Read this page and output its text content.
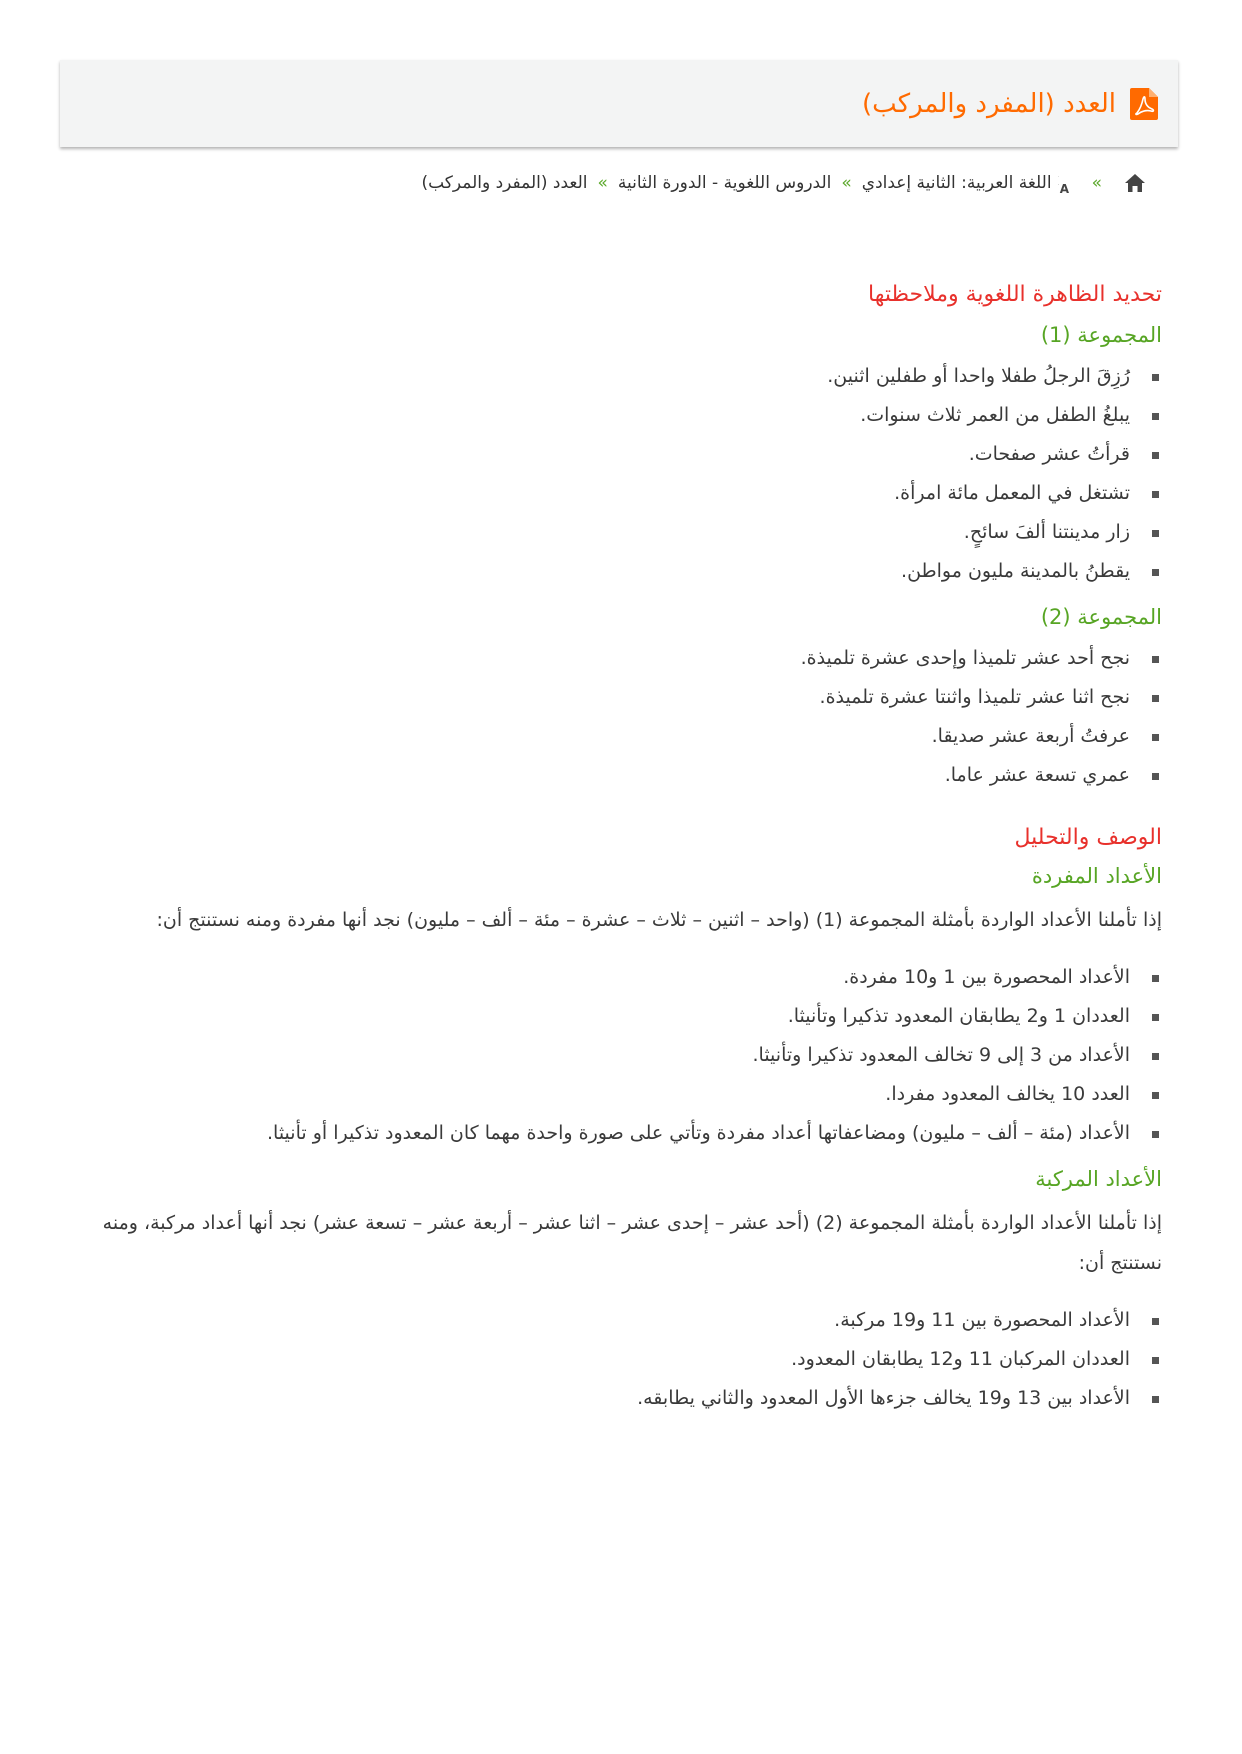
العدد (المفرد والمركب)
»
A
اللغة العربية: الثانية إعدادي
»
الدروس اللغوية - الدورة الثانية
»
العدد (المفرد والمركب)
تحديد الظاهرة اللغوية وملاحظتها
المجموعة (1)
رُزِقَ الرجلُ طفلا واحدا أو طفلين اثنين.
يبلغُ الطفل من العمر ثلاث سنوات.
قرأتُ عشر صفحات.
تشتغل في المعمل مائة امرأة.
زار مدينتنا ألفَ سائحٍ.
يقطنُ بالمدينة مليون مواطن.
المجموعة (2)
نجح أحد عشر تلميذا وإحدى عشرة تلميذة.
نجح اثنا عشر تلميذا واثنتا عشرة تلميذة.
عرفتُ أربعة عشر صديقا.
عمري تسعة عشر عاما.
الوصف والتحليل
الأعداد المفردة

إذا تأملنا الأعداد الواردة بأمثلة المجموعة (1) (واحد – اثنين – ثلاث – عشرة – مئة – ألف – مليون) نجد أنها مفردة ومنه نستنتج أن:

الأعداد المحصورة بين 1 و10 مفردة.
العددان 1 و2 يطابقان المعدود تذكيرا وتأنيثا.
الأعداد من 3 إلى 9 تخالف المعدود تذكيرا وتأنيثا.
العدد 10 يخالف المعدود مفردا.
الأعداد (مئة – ألف – مليون) ومضاعفاتها أعداد مفردة وتأتي على صورة واحدة مهما كان المعدود تذكيرا أو تأنيثا.
الأعداد المركبة

إذا تأملنا الأعداد الواردة بأمثلة المجموعة (2) (أحد عشر – إحدى عشر – اثنا عشر – أربعة عشر – تسعة عشر) نجد أنها أعداد مركبة، ومنه نستنتج أن:

الأعداد المحصورة بين 11 و19 مركبة.
العددان المركبان 11 و12 يطابقان المعدود.
الأعداد بين 13 و19 يخالف جزءها الأول المعدود والثاني يطابقه.
